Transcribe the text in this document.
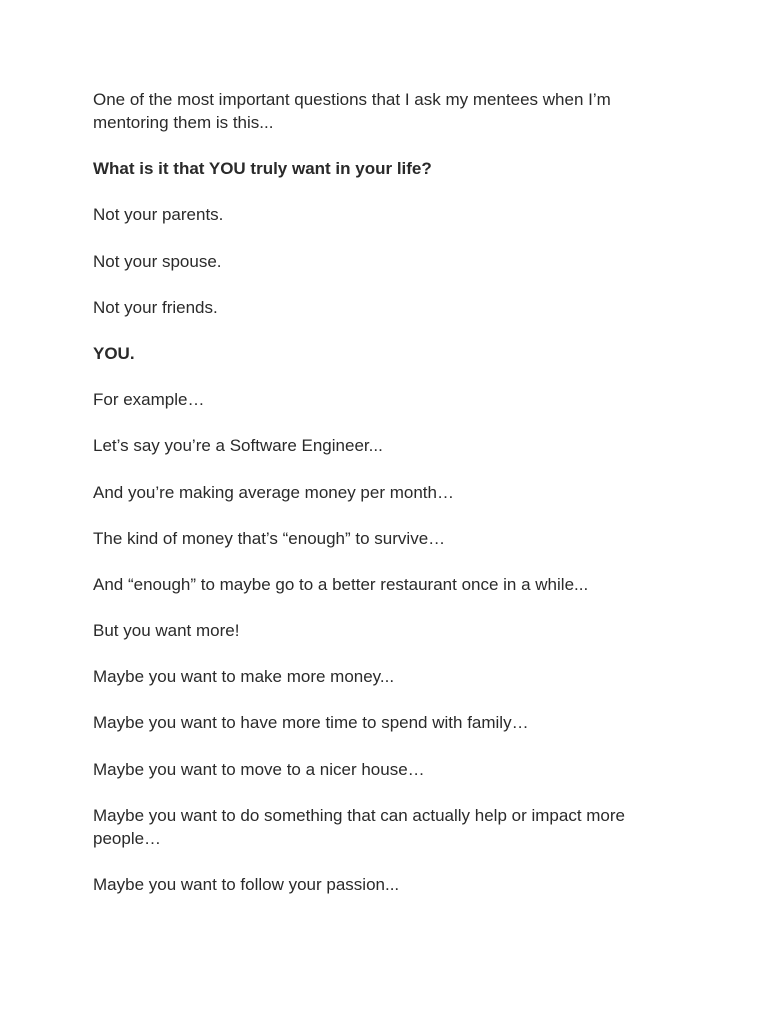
One of the most important questions that I ask my mentees when I’m mentoring them is this...

What is it that YOU truly want in your life?

Not your parents.

Not your spouse.

Not your friends.

YOU.

For example…

Let’s say you’re a Software Engineer...

And you’re making average money per month…

The kind of money that’s “enough” to survive…

And “enough” to maybe go to a better restaurant once in a while...

But you want more!

Maybe you want to make more money...

Maybe you want to have more time to spend with family…

Maybe you want to move to a nicer house…

Maybe you want to do something that can actually help or impact more people…

Maybe you want to follow your passion...
